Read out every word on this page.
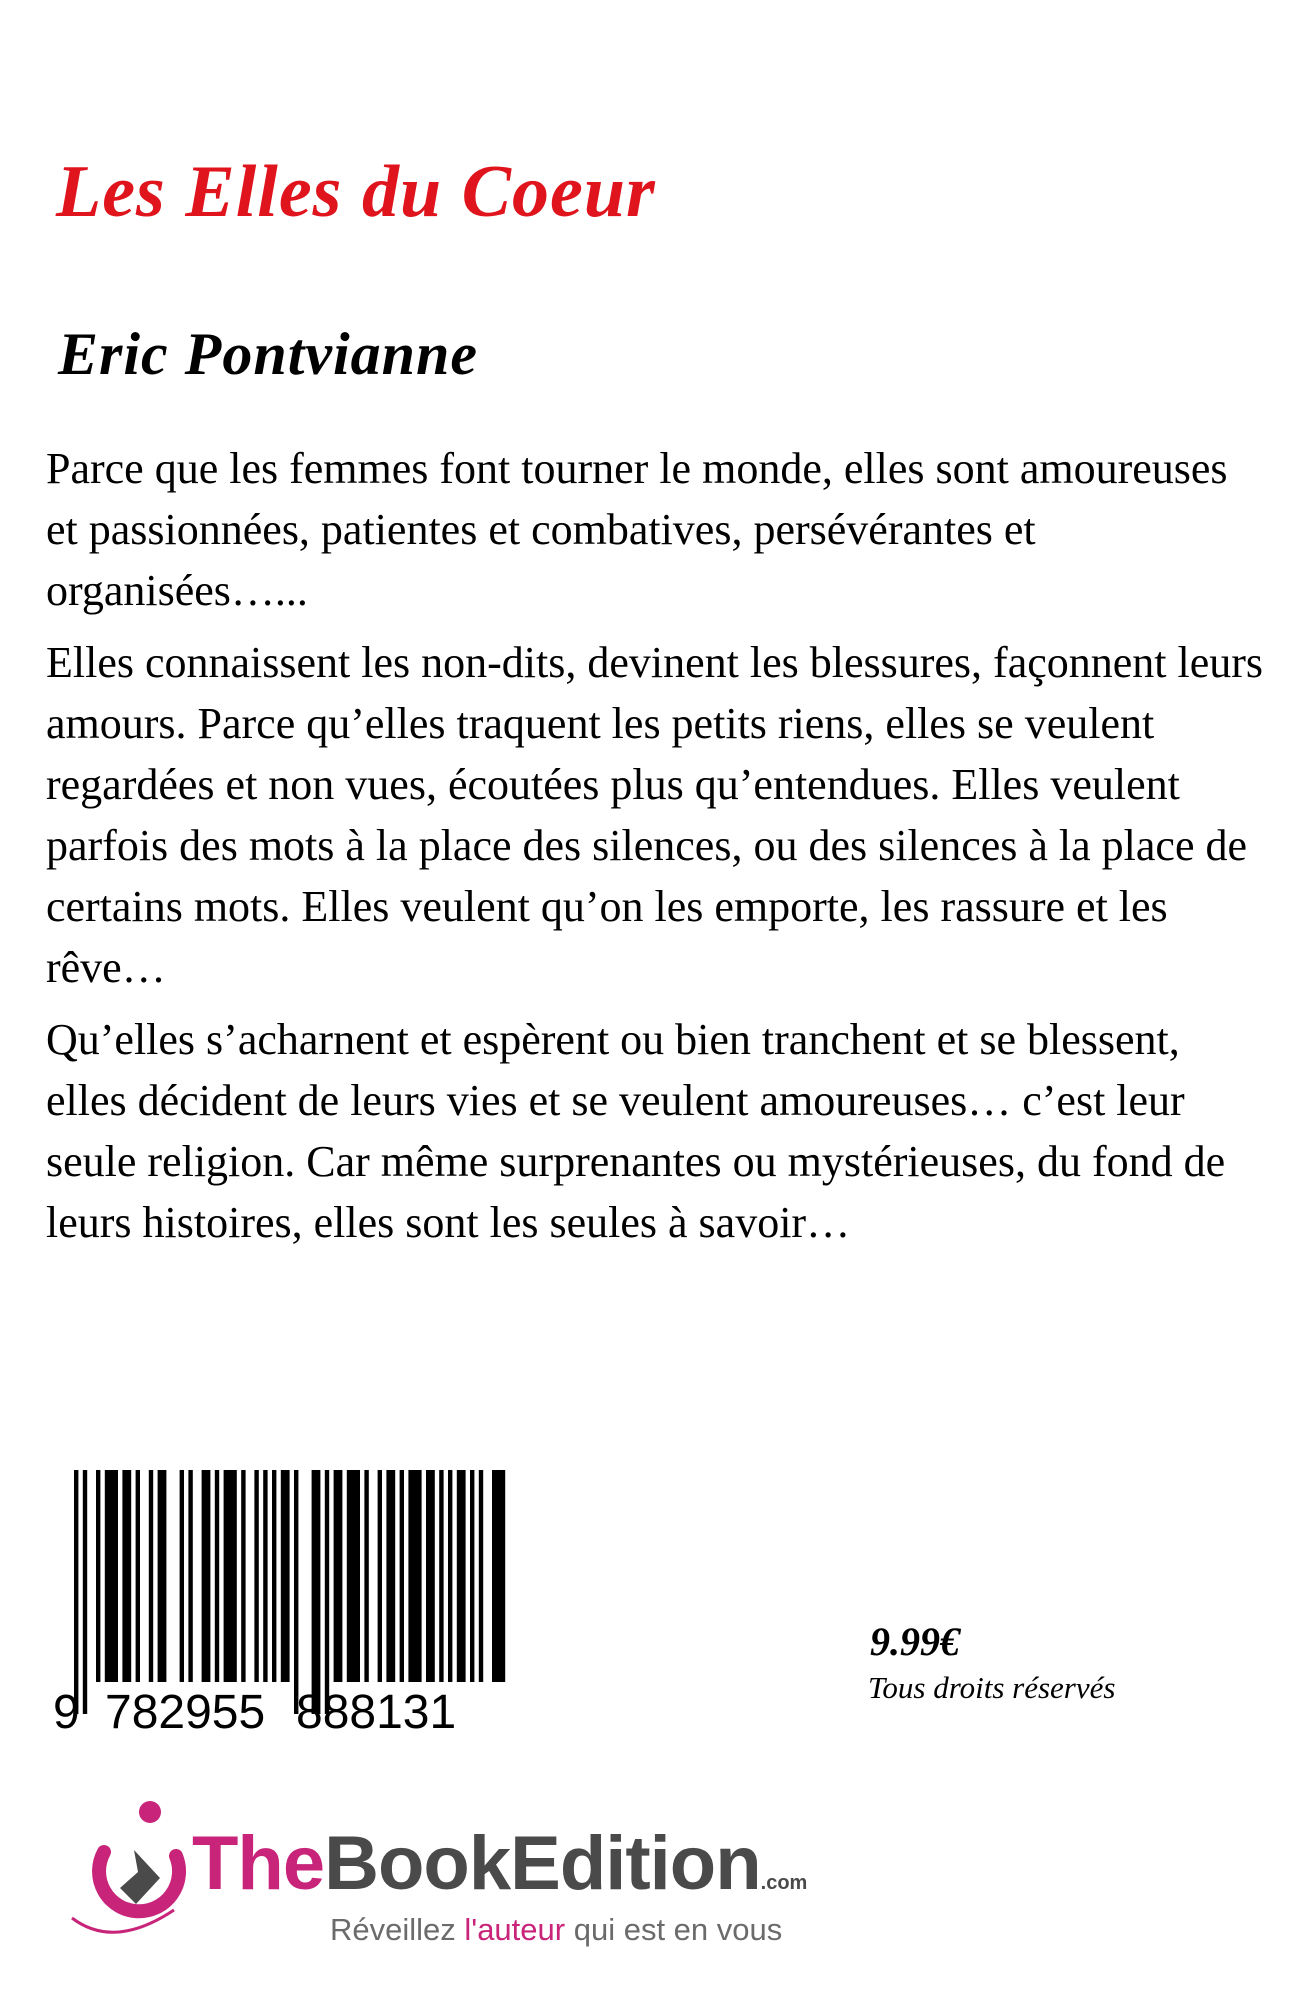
Les Elles du Coeur
Eric Pontvianne

Parce que les femmes font tourner le monde, elles sont amoureuses et passionnées, patientes et combatives, persévérantes et organisées…...

Elles connaissent les non-dits, devinent les blessures, façonnent leurs amours. Parce qu’elles traquent les petits riens, elles se veulent regardées et non vues, écoutées plus qu’entendues. Elles veulent parfois des mots à la place des silences, ou des silences à la place de certains mots. Elles veulent qu’on les emporte, les rassure et les rêve…

Qu’elles s’acharnent et espèrent ou bien tranchent et se blessent, elles décident de leurs vies et se veulent amoureuses… c’est leur seule religion. Car même surprenantes ou mystérieuses, du fond de leurs histoires, elles sont les seules à savoir…

9 782955 888131
9.99€
Tous droits réservés
TheBookEdition.com
Réveillez l'auteur qui est en vous
